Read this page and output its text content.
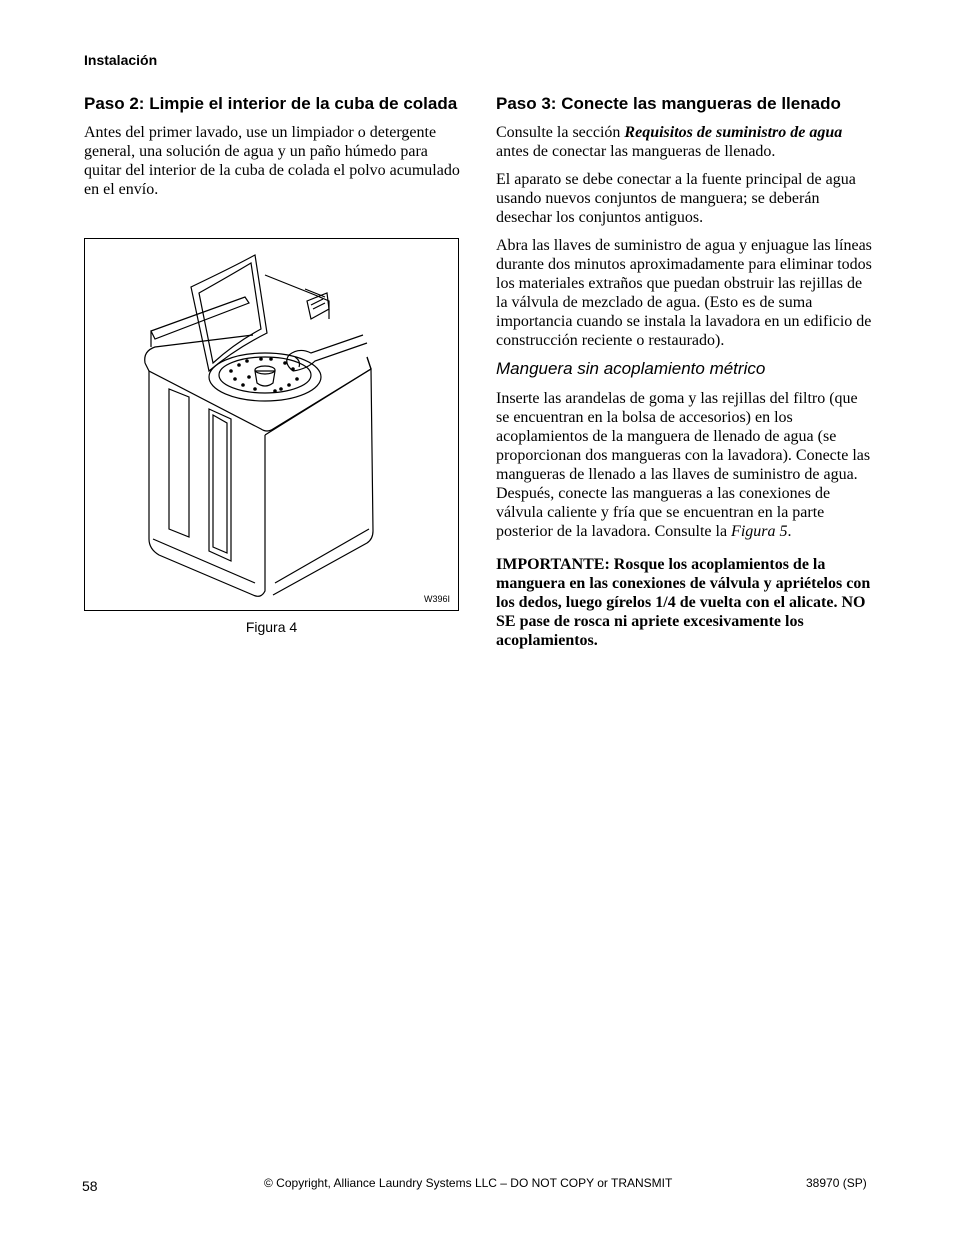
Instalación
Paso 2: Limpie el interior de la cuba de colada

Antes del primer lavado, use un limpiador o detergente general, una solución de agua y un paño húmedo para quitar del interior de la cuba de colada el polvo acumulado en el envío.

W396I
Figura 4
Paso 3: Conecte las mangueras de llenado

Consulte la sección Requisitos de suministro de agua antes de conectar las mangueras de llenado.

El aparato se debe conectar a la fuente principal de agua usando nuevos conjuntos de manguera; se deberán desechar los conjuntos antiguos.

Abra las llaves de suministro de agua y enjuague las líneas durante dos minutos aproximadamente para eliminar todos los materiales extraños que puedan obstruir las rejillas de la válvula de mezclado de agua. (Esto es de suma importancia cuando se instala la lavadora en un edificio de construcción reciente o restaurado).

Manguera sin acoplamiento métrico

Inserte las arandelas de goma y las rejillas del filtro (que se encuentran en la bolsa de accesorios) en los acoplamientos de la manguera de llenado de agua (se proporcionan dos mangueras con la lavadora). Conecte las mangueras de llenado a las llaves de suministro de agua. Después, conecte las mangueras a las conexiones de válvula caliente y fría que se encuentran en la parte posterior de la lavadora. Consulte la Figura 5.

IMPORTANTE: Rosque los acoplamientos de la manguera en las conexiones de válvula y apriételos con los dedos, luego gírelos 1/4 de vuelta con el alicate. NO SE pase de rosca ni apriete excesivamente los acoplamientos.

58	© Copyright, Alliance Laundry Systems LLC – DO NOT COPY or TRANSMIT	38970 (SP)
